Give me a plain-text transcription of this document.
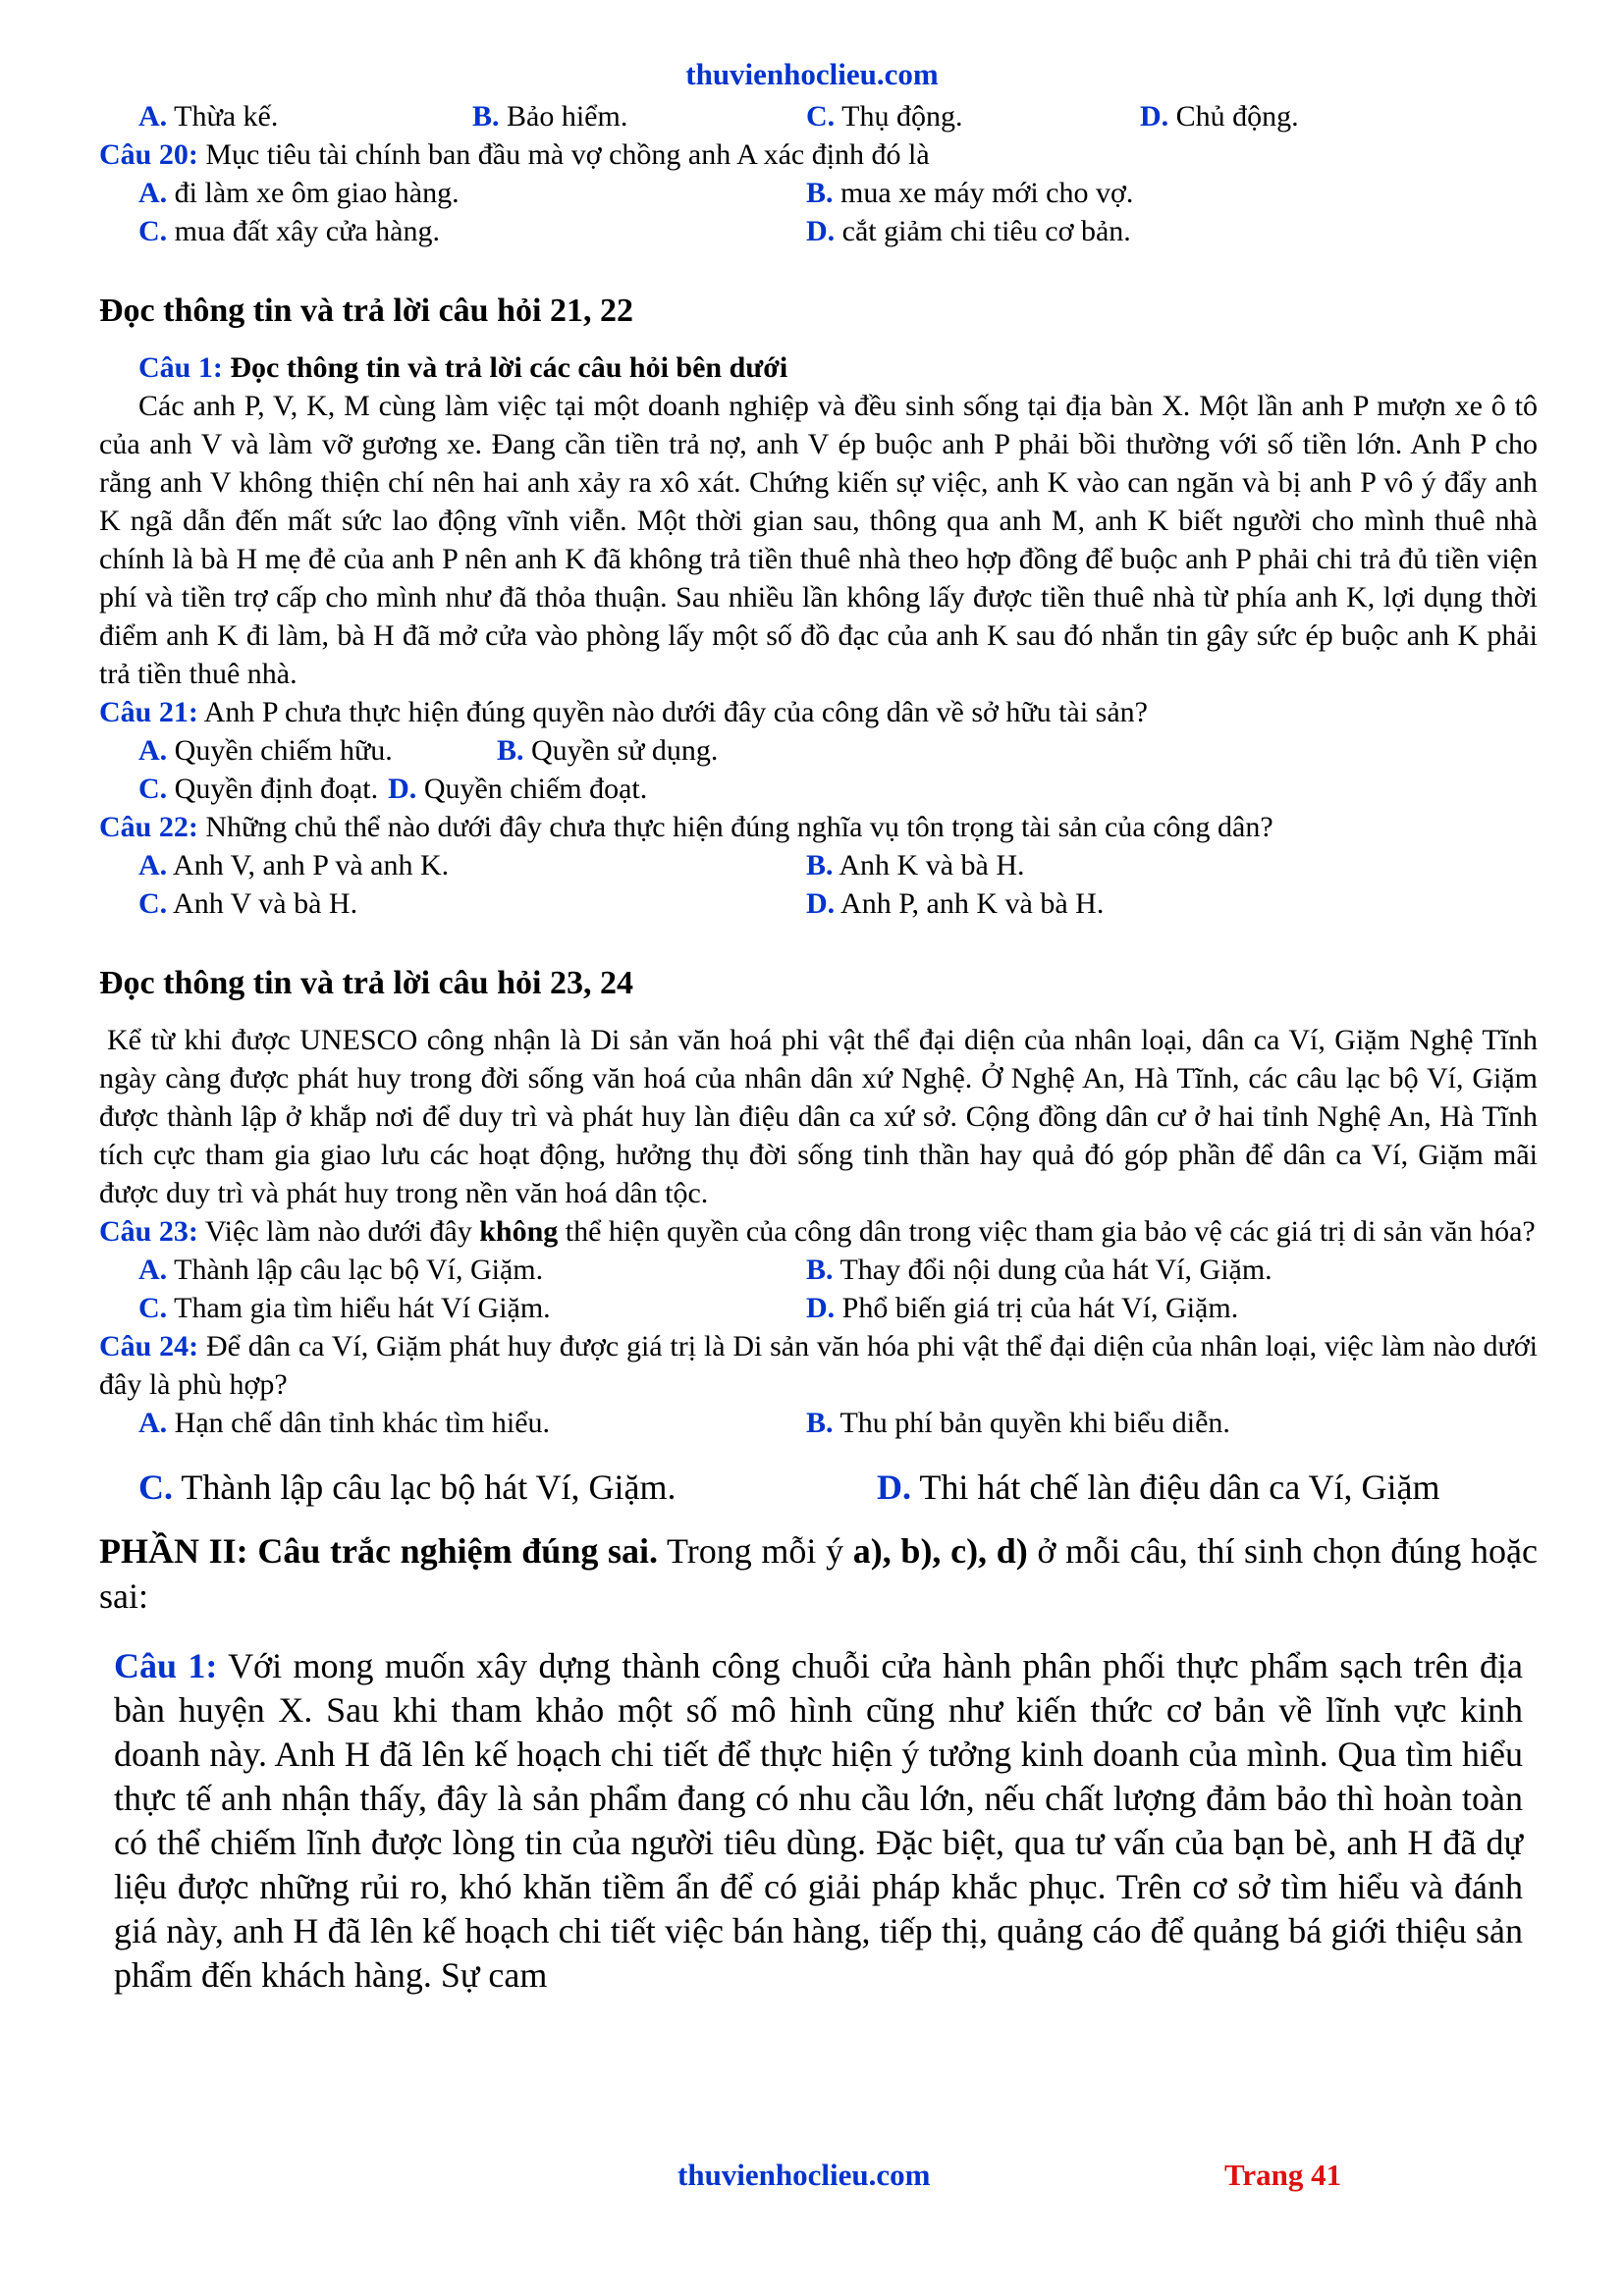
thuvienhoclieu.com
A. Thừa kế.	B. Bảo hiểm.	C. Thụ động.	D. Chủ động.

Câu 20: Mục tiêu tài chính ban đầu mà vợ chồng anh A xác định đó là

A. đi làm xe ôm giao hàng.	B. mua xe máy mới cho vợ.
C. mua đất xây cửa hàng.	D. cắt giảm chi tiêu cơ bản.

Đọc thông tin và trả lời câu hỏi 21, 22

Câu 1: Đọc thông tin và trả lời các câu hỏi bên dưới

Các anh P, V, K, M cùng làm việc tại một doanh nghiệp và đều sinh sống tại địa bàn X. Một lần anh P mượn xe ô tô của anh V và làm vỡ gương xe. Đang cần tiền trả nợ, anh V ép buộc anh P phải bồi thường với số tiền lớn. Anh P cho rằng anh V không thiện chí nên hai anh xảy ra xô xát. Chứng kiến sự việc, anh K vào can ngăn và bị anh P vô ý đẩy anh K ngã dẫn đến mất sức lao động vĩnh viễn. Một thời gian sau, thông qua anh M, anh K biết người cho mình thuê nhà chính là bà H mẹ đẻ của anh P nên anh K đã không trả tiền thuê nhà theo hợp đồng để buộc anh P phải chi trả đủ tiền viện phí và tiền trợ cấp cho mình như đã thỏa thuận. Sau nhiều lần không lấy được tiền thuê nhà từ phía anh K, lợi dụng thời điểm anh K đi làm, bà H đã mở cửa vào phòng lấy một số đồ đạc của anh K sau đó nhắn tin gây sức ép buộc anh K phải trả tiền thuê nhà.

Câu 21: Anh P chưa thực hiện đúng quyền nào dưới đây của công dân về sở hữu tài sản?

A. Quyền chiếm hữu.	B. Quyền sử dụng.
C. Quyền định đoạt. D. Quyền chiếm đoạt.

Câu 22: Những chủ thể nào dưới đây chưa thực hiện đúng nghĩa vụ tôn trọng tài sản của công dân?

A. Anh V, anh P và anh K.	B. Anh K và bà H.
C. Anh V và bà H.	D. Anh P, anh K và bà H.

Đọc thông tin và trả lời câu hỏi 23, 24

Kể từ khi được UNESCO công nhận là Di sản văn hoá phi vật thể đại diện của nhân loại, dân ca Ví, Giặm Nghệ Tĩnh ngày càng được phát huy trong đời sống văn hoá của nhân dân xứ Nghệ. Ở Nghệ An, Hà Tĩnh, các câu lạc bộ Ví, Giặm được thành lập ở khắp nơi để duy trì và phát huy làn điệu dân ca xứ sở. Cộng đồng dân cư ở hai tỉnh Nghệ An, Hà Tĩnh tích cực tham gia giao lưu các hoạt động, hưởng thụ đời sống tinh thần hay quả đó góp phần để dân ca Ví, Giặm mãi được duy trì và phát huy trong nền văn hoá dân tộc.

Câu 23: Việc làm nào dưới đây không thể hiện quyền của công dân trong việc tham gia bảo vệ các giá trị di sản văn hóa?

A. Thành lập câu lạc bộ Ví, Giặm.	B. Thay đổi nội dung của hát Ví, Giặm.
C. Tham gia tìm hiểu hát Ví Giặm.	D. Phổ biến giá trị của hát Ví, Giặm.

Câu 24: Để dân ca Ví, Giặm phát huy được giá trị là Di sản văn hóa phi vật thể đại diện của nhân loại, việc làm nào dưới đây là phù hợp?

A. Hạn chế dân tỉnh khác tìm hiểu.	B. Thu phí bản quyền khi biểu diễn.
C. Thành lập câu lạc bộ hát Ví, Giặm.	D. Thi hát chế làn điệu dân ca Ví, Giặm

PHẦN II: Câu trắc nghiệm đúng sai. Trong mỗi ý a), b), c), d) ở mỗi câu, thí sinh chọn đúng hoặc sai:

Câu 1: Với mong muốn xây dựng thành công chuỗi cửa hành phân phối thực phẩm sạch trên địa bàn huyện X. Sau khi tham khảo một số mô hình cũng như kiến thức cơ bản về lĩnh vực kinh doanh này. Anh H đã lên kế hoạch chi tiết để thực hiện ý tưởng kinh doanh của mình. Qua tìm hiểu thực tế anh nhận thấy, đây là sản phẩm đang có nhu cầu lớn, nếu chất lượng đảm bảo thì hoàn toàn có thể chiếm lĩnh được lòng tin của người tiêu dùng. Đặc biệt, qua tư vấn của bạn bè, anh H đã dự liệu được những rủi ro, khó khăn tiềm ẩn để có giải pháp khắc phục. Trên cơ sở tìm hiểu và đánh giá này, anh H đã lên kế hoạch chi tiết việc bán hàng, tiếp thị, quảng cáo để quảng bá giới thiệu sản phẩm đến khách hàng. Sự cam

thuvienhoclieu.com	Trang 41
